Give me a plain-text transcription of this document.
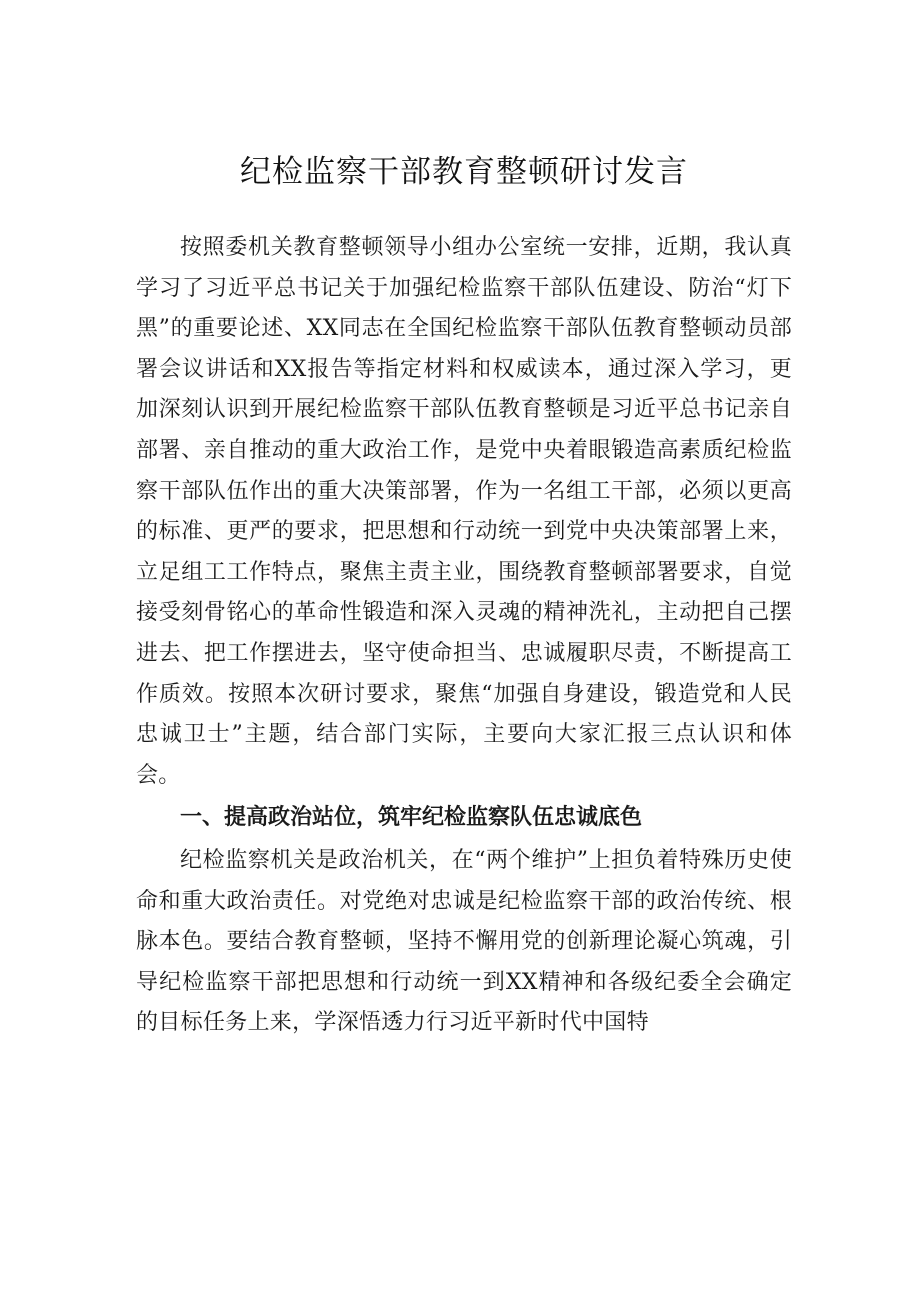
纪检监察干部教育整顿研讨发言

按照委机关教育整顿领导小组办公室统一安排，近期，我认真学习了习近平总书记关于加强纪检监察干部队伍建设、防治“灯下黑”的重要论述、XX同志在全国纪检监察干部队伍教育整顿动员部署会议讲话和XX报告等指定材料和权威读本，通过深入学习，更加深刻认识到开展纪检监察干部队伍教育整顿是习近平总书记亲自部署、亲自推动的重大政治工作，是党中央着眼锻造高素质纪检监察干部队伍作出的重大决策部署，作为一名组工干部，必须以更高的标准、更严的要求，把思想和行动统一到党中央决策部署上来，立足组工工作特点，聚焦主责主业，围绕教育整顿部署要求，自觉接受刻骨铭心的革命性锻造和深入灵魂的精神洗礼，主动把自己摆进去、把工作摆进去，坚守使命担当、忠诚履职尽责，不断提高工作质效。按照本次研讨要求，聚焦“加强自身建设，锻造党和人民忠诚卫士”主题，结合部门实际，主要向大家汇报三点认识和体会。

一、提高政治站位，筑牢纪检监察队伍忠诚底色

纪检监察机关是政治机关，在“两个维护”上担负着特殊历史使命和重大政治责任。对党绝对忠诚是纪检监察干部的政治传统、根脉本色。要结合教育整顿，坚持不懈用党的创新理论凝心筑魂，引导纪检监察干部把思想和行动统一到XX精神和各级纪委全会确定的目标任务上来，学深悟透力行习近平新时代中国特
